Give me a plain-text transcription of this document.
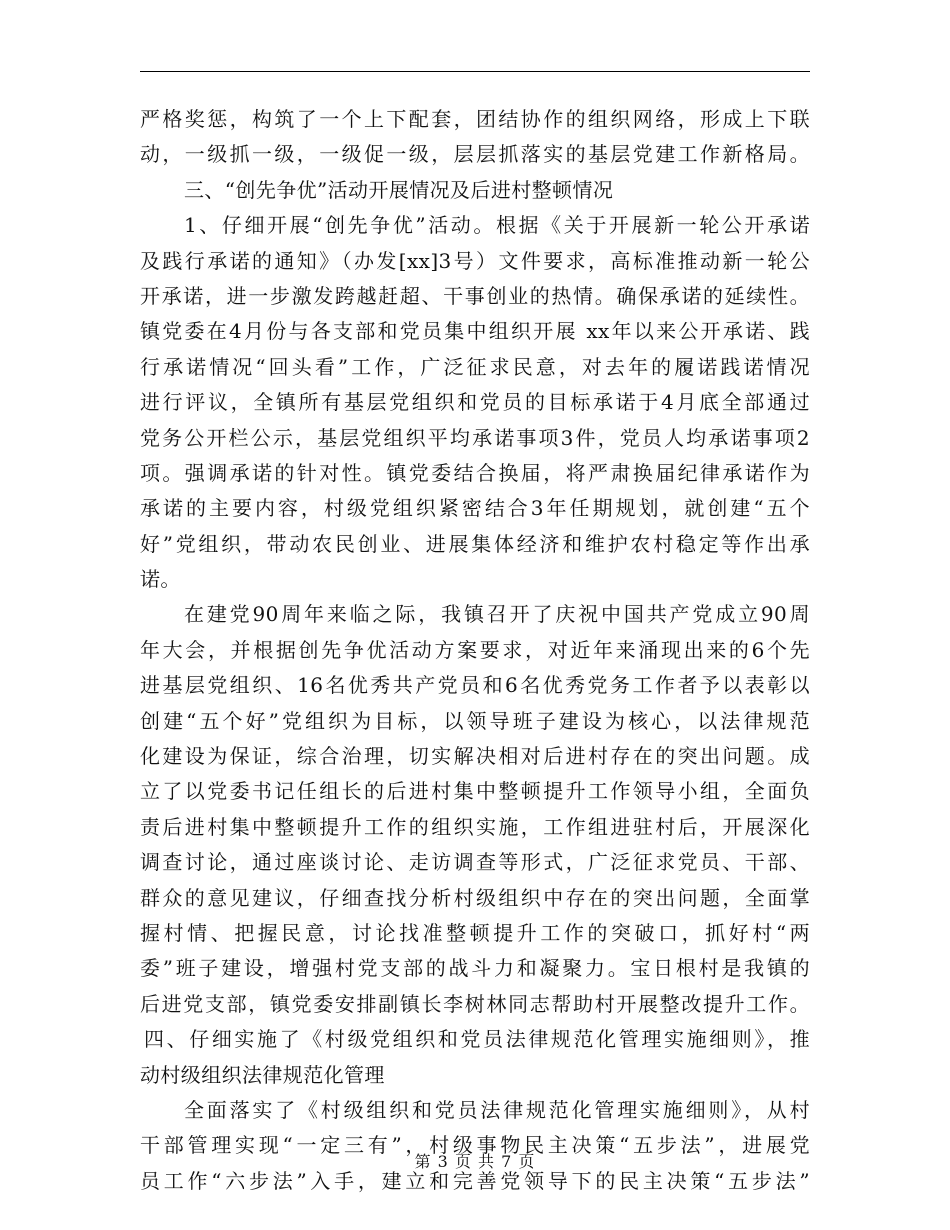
严格奖惩，构筑了一个上下配套，团结协作的组织网络，形成上下联
动，一级抓一级，一级促一级，层层抓落实的基层党建工作新格局。
三、“创先争优”活动开展情况及后进村整顿情况
1、仔细开展“创先争优”活动。根据《关于开展新一轮公开承诺
及践行承诺的通知》（办发[xx]3号）文件要求，高标准推动新一轮公
开承诺，进一步激发跨越赶超、干事创业的热情。确保承诺的延续性。
镇党委在4月份与各支部和党员集中组织开展 xx年以来公开承诺、践
行承诺情况“回头看”工作，广泛征求民意，对去年的履诺践诺情况
进行评议，全镇所有基层党组织和党员的目标承诺于4月底全部通过
党务公开栏公示，基层党组织平均承诺事项3件，党员人均承诺事项2
项。强调承诺的针对性。镇党委结合换届，将严肃换届纪律承诺作为
承诺的主要内容，村级党组织紧密结合3年任期规划，就创建“五个
好”党组织，带动农民创业、进展集体经济和维护农村稳定等作出承
诺。
在建党90周年来临之际，我镇召开了庆祝中国共产党成立90周
年大会，并根据创先争优活动方案要求，对近年来涌现出来的6个先
进基层党组织、16名优秀共产党员和6名优秀党务工作者予以表彰以
创建“五个好”党组织为目标，以领导班子建设为核心，以法律规范
化建设为保证，综合治理，切实解决相对后进村存在的突出问题。成
立了以党委书记任组长的后进村集中整顿提升工作领导小组，全面负
责后进村集中整顿提升工作的组织实施，工作组进驻村后，开展深化
调查讨论，通过座谈讨论、走访调查等形式，广泛征求党员、干部、
群众的意见建议，仔细查找分析村级组织中存在的突出问题，全面掌
握村情、把握民意，讨论找准整顿提升工作的突破口，抓好村“两
委”班子建设，增强村党支部的战斗力和凝聚力。宝日根村是我镇的
后进党支部，镇党委安排副镇长李树林同志帮助村开展整改提升工作。
四、仔细实施了《村级党组织和党员法律规范化管理实施细则》，推
动村级组织法律规范化管理
全面落实了《村级组织和党员法律规范化管理实施细则》，从村
干部管理实现“一定三有”，村级事物民主决策“五步法”，进展党
员工作“六步法”入手，建立和完善党领导下的民主决策“五步法”
第 3 页 共 7 页
